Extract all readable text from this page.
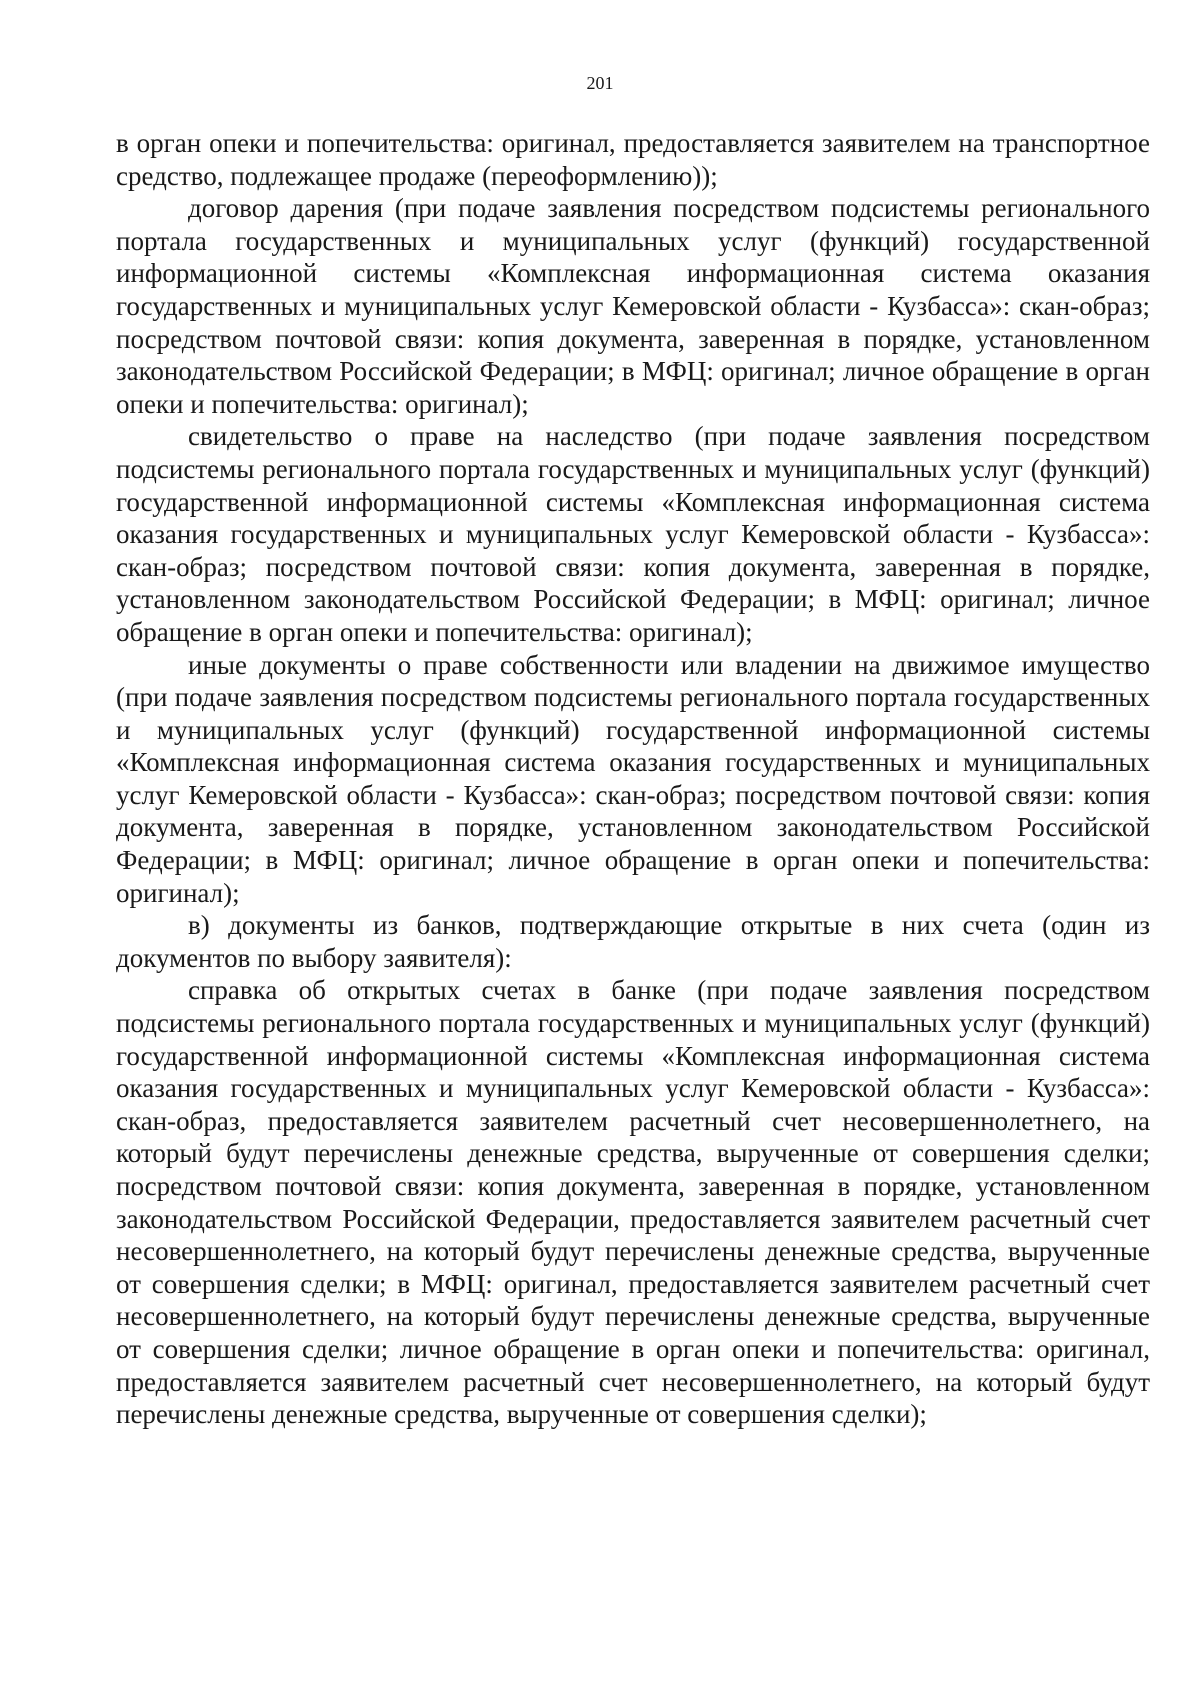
201

в орган опеки и попечительства: оригинал, предоставляется заявителем на транспортное средство, подлежащее продаже (переоформлению));

договор дарения (при подаче заявления посредством подсистемы регионального портала государственных и муниципальных услуг (функций) государственной информационной системы «Комплексная информационная система оказания государственных и муниципальных услуг Кемеровской области - Кузбасса»: скан-образ; посредством почтовой связи: копия документа, заверенная в порядке, установленном законодательством Российской Федерации; в МФЦ: оригинал; личное обращение в орган опеки и попечительства: оригинал);

свидетельство о праве на наследство (при подаче заявления посредством подсистемы регионального портала государственных и муниципальных услуг (функций) государственной информационной системы «Комплексная информационная система оказания государственных и муниципальных услуг Кемеровской области - Кузбасса»: скан-образ; посредством почтовой связи: копия документа, заверенная в порядке, установленном законодательством Российской Федерации; в МФЦ: оригинал; личное обращение в орган опеки и попечительства: оригинал);

иные документы о праве собственности или владении на движимое имущество (при подаче заявления посредством подсистемы регионального портала государственных и муниципальных услуг (функций) государственной информационной системы «Комплексная информационная система оказания государственных и муниципальных услуг Кемеровской области - Кузбасса»: скан-образ; посредством почтовой связи: копия документа, заверенная в порядке, установленном законодательством Российской Федерации; в МФЦ: оригинал; личное обращение в орган опеки и попечительства: оригинал);

в) документы из банков, подтверждающие открытые в них счета (один из документов по выбору заявителя):

справка об открытых счетах в банке (при подаче заявления посредством подсистемы регионального портала государственных и муниципальных услуг (функций) государственной информационной системы «Комплексная информационная система оказания государственных и муниципальных услуг Кемеровской области - Кузбасса»: скан-образ, предоставляется заявителем расчетный счет несовершеннолетнего, на который будут перечислены денежные средства, вырученные от совершения сделки; посредством почтовой связи: копия документа, заверенная в порядке, установленном законодательством Российской Федерации, предоставляется заявителем расчетный счет несовершеннолетнего, на который будут перечислены денежные средства, вырученные от совершения сделки; в МФЦ: оригинал, предоставляется заявителем расчетный счет несовершеннолетнего, на который будут перечислены денежные средства, вырученные от совершения сделки; личное обращение в орган опеки и попечительства: оригинал, предоставляется заявителем расчетный счет несовершеннолетнего, на который будут перечислены денежные средства, вырученные от совершения сделки);
